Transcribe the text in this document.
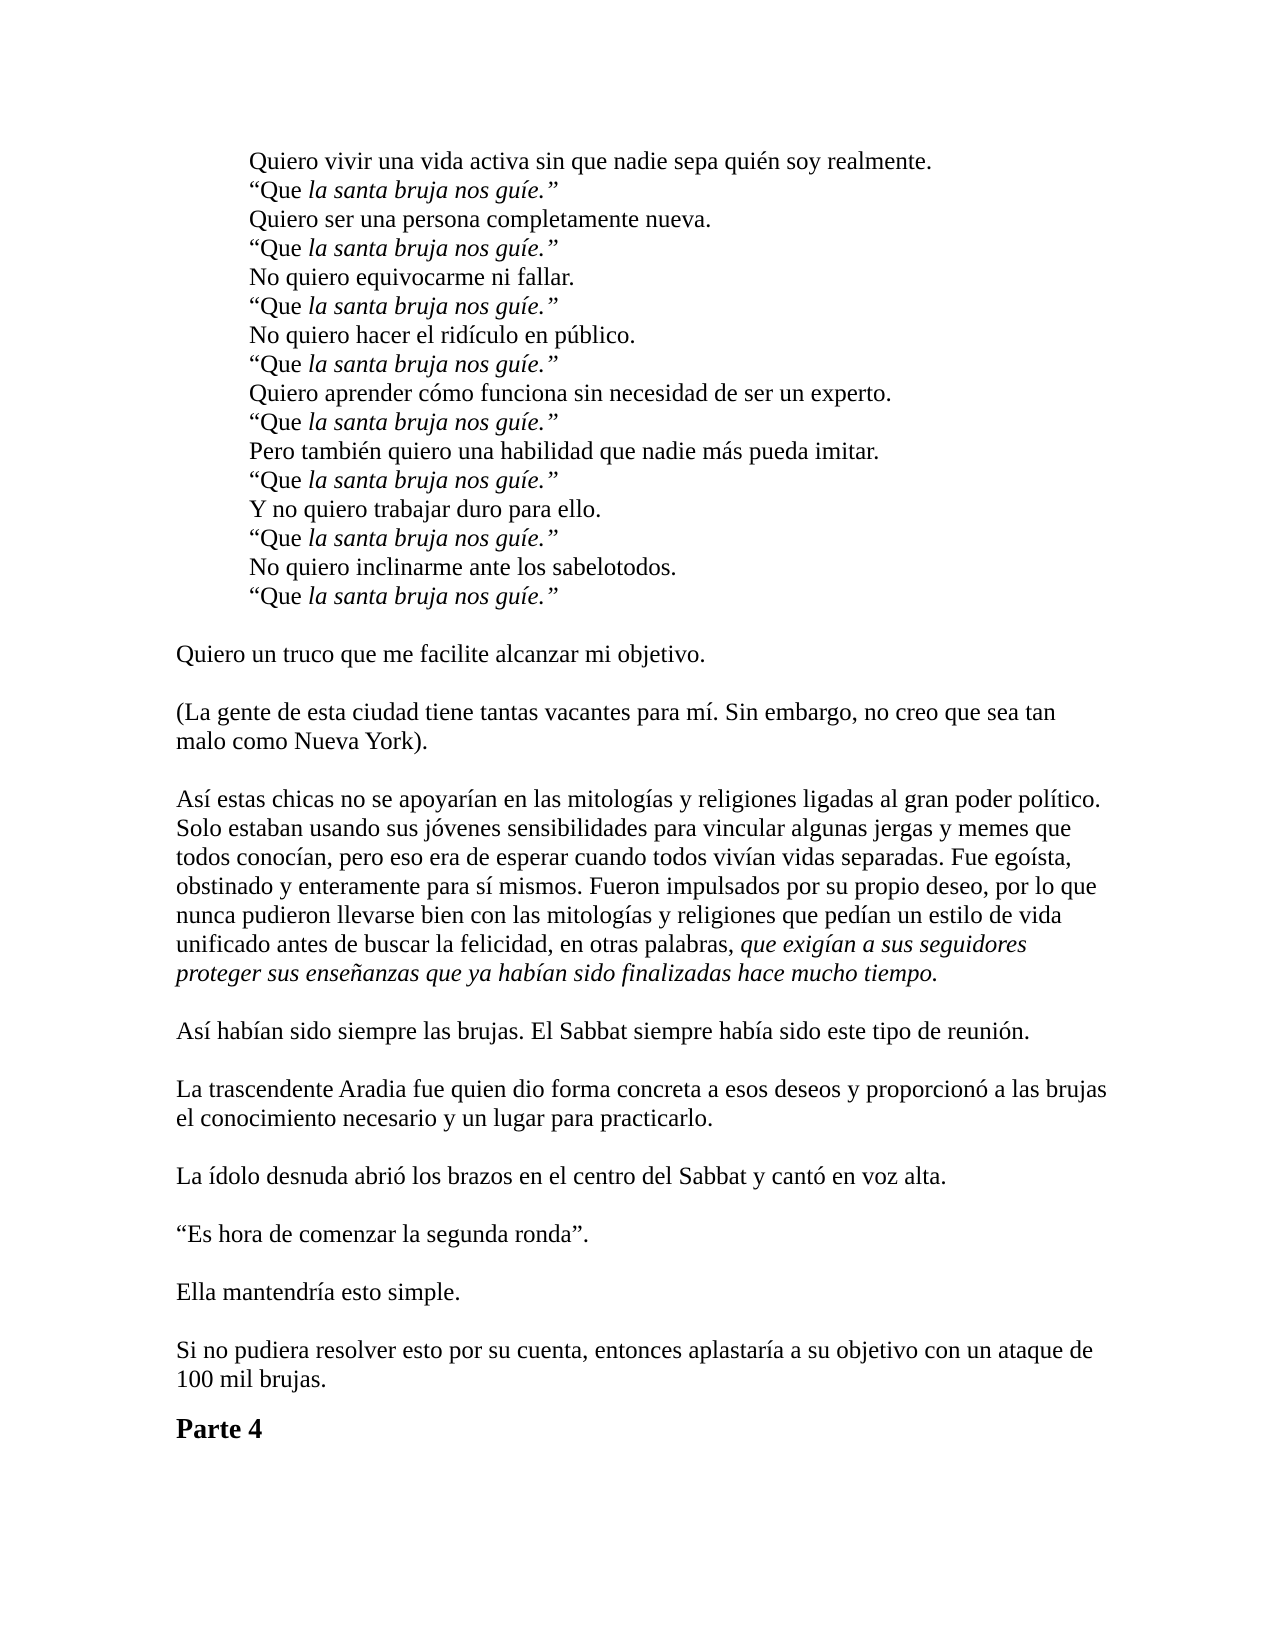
Quiero vivir una vida activa sin que nadie sepa quién soy realmente.
“Que la santa bruja nos guíe.”
Quiero ser una persona completamente nueva.
“Que la santa bruja nos guíe.”
No quiero equivocarme ni fallar.
“Que la santa bruja nos guíe.”
No quiero hacer el ridículo en público.
“Que la santa bruja nos guíe.”
Quiero aprender cómo funciona sin necesidad de ser un experto.
“Que la santa bruja nos guíe.”
Pero también quiero una habilidad que nadie más pueda imitar.
“Que la santa bruja nos guíe.”
Y no quiero trabajar duro para ello.
“Que la santa bruja nos guíe.”
No quiero inclinarme ante los sabelotodos.
“Que la santa bruja nos guíe.”
Quiero un truco que me facilite alcanzar mi objetivo.
(La gente de esta ciudad tiene tantas vacantes para mí. Sin embargo, no creo que sea tan malo como Nueva York).
Así estas chicas no se apoyarían en las mitologías y religiones ligadas al gran poder político. Solo estaban usando sus jóvenes sensibilidades para vincular algunas jergas y memes que todos conocían, pero eso era de esperar cuando todos vivían vidas separadas. Fue egoísta, obstinado y enteramente para sí mismos. Fueron impulsados por su propio deseo, por lo que nunca pudieron llevarse bien con las mitologías y religiones que pedían un estilo de vida unificado antes de buscar la felicidad, en otras palabras, que exigían a sus seguidores proteger sus enseñanzas que ya habían sido finalizadas hace mucho tiempo.
Así habían sido siempre las brujas. El Sabbat siempre había sido este tipo de reunión.
La trascendente Aradia fue quien dio forma concreta a esos deseos y proporcionó a las brujas el conocimiento necesario y un lugar para practicarlo.
La ídolo desnuda abrió los brazos en el centro del Sabbat y cantó en voz alta.
“Es hora de comenzar la segunda ronda”.
Ella mantendría esto simple.
Si no pudiera resolver esto por su cuenta, entonces aplastaría a su objetivo con un ataque de 100 mil brujas.
Parte 4
